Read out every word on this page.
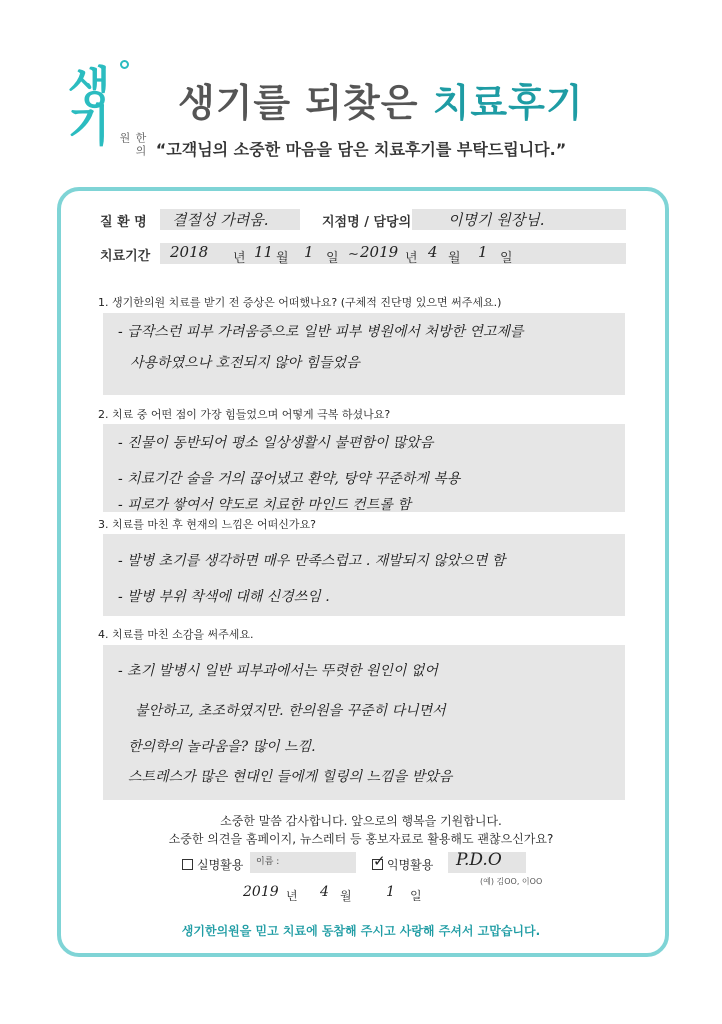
생기
한의원
생기를 되찾은 치료후기
“고객님의 소중한 마음을 담은 치료후기를 부탁드립니다.”
질 환 명 결절성 가려움.	지점명 / 담당의 이명기 원장님.
치료기간 2018 년 11 월 1 일 ~ 2019 년 4 월 1 일
1. 생기한의원 치료를 받기 전 증상은 어떠했나요? (구체적 진단명 있으면 써주세요.)
- 급작스런 피부 가려움증으로 일반 피부 병원에서 처방한 연고제를
사용하였으나 호전되지 않아 힘들었음
2. 치료 중 어떤 점이 가장 힘들었으며 어떻게 극복 하셨나요?
- 진물이 동반되어 평소 일상생활시 불편함이 많았음
- 치료기간 술을 거의 끊어냈고 환약, 탕약 꾸준하게 복용
- 피로가 쌓여서 약도로 치료한 마인드 컨트롤 함
3. 치료를 마친 후 현재의 느낌은 어떠신가요?
- 발병 초기를 생각하면 매우 만족스럽고 . 재발되지 않았으면 함
- 발병 부위 착색에 대해 신경쓰임 .
4. 치료를 마친 소감을 써주세요.
- 초기 발병시 일반 피부과에서는 뚜렷한 원인이 없어
불안하고, 초조하였지만. 한의원을 꾸준히 다니면서
한의학의 놀라움을? 많이 느낌.
스트레스가 많은 현대인 들에게 힐링의 느낌을 받았음
소중한 말씀 감사합니다. 앞으로의 행복을 기원합니다.
소중한 의견을 홈페이지, 뉴스레터 등 홍보자료로 활용해도 괜찮으신가요?
실명활용	이름 :	✓ 익명활용 P.D.O
(예) 김OO, 이OO
2019 년 4 월 1 일
생기한의원을 믿고 치료에 동참해 주시고 사랑해 주셔서 고맙습니다.
